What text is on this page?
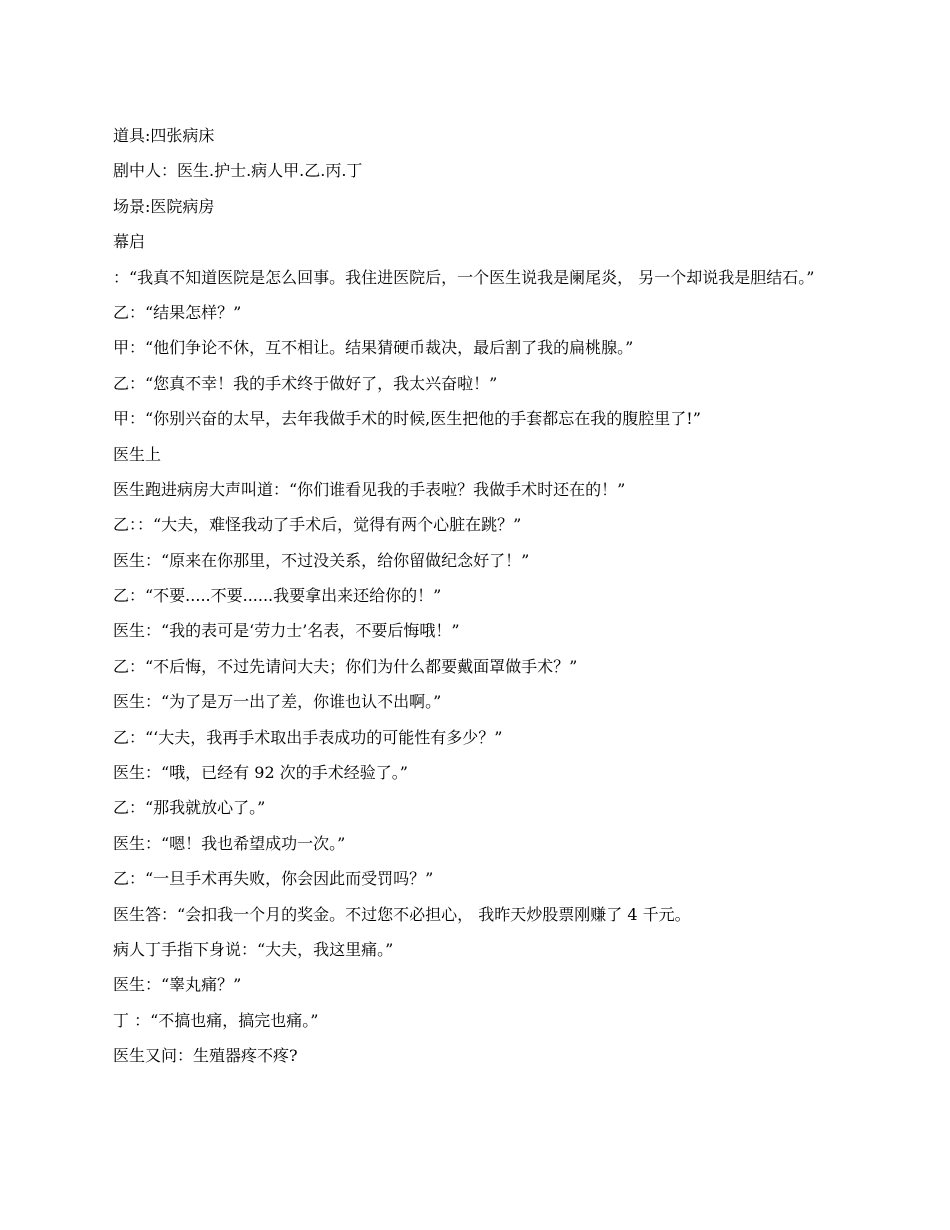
道具:四张病床

剧中人：医生.护士.病人甲.乙.丙.丁

场景:医院病房

幕启

：“我真不知道医院是怎么回事。我住进医院后，一个医生说我是阑尾炎， 另一个却说我是胆结石。”

乙：“结果怎样？”

甲：“他们争论不休，互不相让。结果猜硬币裁决，最后割了我的扁桃腺。”

乙：“您真不幸！我的手术终于做好了，我太兴奋啦！”

甲：“你别兴奋的太早，去年我做手术的时候,医生把他的手套都忘在我的腹腔里了!”

医生上

医生跑进病房大声叫道：“你们谁看见我的手表啦？我做手术时还在的！”

乙：：“大夫，难怪我动了手术后，觉得有两个心脏在跳？”

医生：“原来在你那里，不过没关系，给你留做纪念好了！”

乙：“不要.....不要......我要拿出来还给你的！”

医生：“我的表可是‘劳力士’名表，不要后悔哦！”

乙：“不后悔，不过先请问大夫；你们为什么都要戴面罩做手术？”

医生：“为了是万一出了差，你谁也认不出啊。”

乙：“‘大夫，我再手术取出手表成功的可能性有多少？”

医生：“哦，已经有 92 次的手术经验了。”

乙：“那我就放心了。”

医生：“嗯！我也希望成功一次。”

乙：“一旦手术再失败，你会因此而受罚吗？”

医生答：“会扣我一个月的奖金。不过您不必担心， 我昨天炒股票刚赚了 4 千元。

病人丁手指下身说：“大夫，我这里痛。”

医生：“睾丸痛？”

丁 ：“不搞也痛，搞完也痛。”

医生又问：生殖器疼不疼?
